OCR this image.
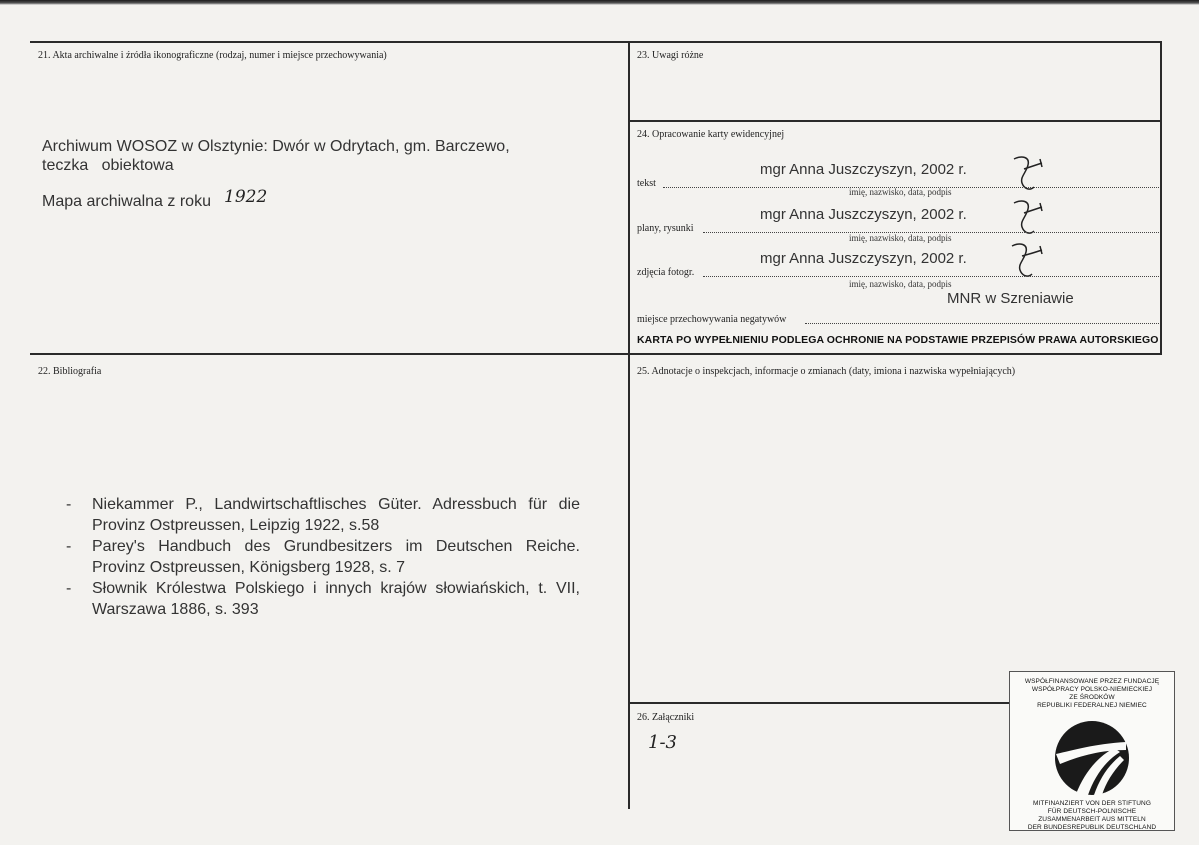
21. Akta archiwalne i źródła ikonograficzne (rodzaj, numer i miejsce przechowywania)
Archiwum WOSOZ w Olsztynie: Dwór w Odrytach, gm. Barczewo,
teczka   obiektowa
Mapa archiwalna z roku 1922
22. Bibliografia
- Niekammer P., Landwirtschaftlisches Güter. Adressbuch für die Provinz Ostpreussen, Leipzig 1922, s.58
- Parey's Handbuch des Grundbesitzers im Deutschen Reiche. Provinz Ostpreussen, Königsberg 1928, s. 7
- Słownik Królestwa Polskiego i innych krajów słowiańskich, t. VII, Warszawa 1886, s. 393
23. Uwagi różne
24. Opracowanie karty ewidencyjnej
mgr Anna Juszczyszyn, 2002 r.
tekst
imię, nazwisko, data, podpis
mgr Anna Juszczyszyn, 2002 r.
plany, rysunki
imię, nazwisko, data, podpis
mgr Anna Juszczyszyn, 2002 r.
zdjęcia fotogr.
imię, nazwisko, data, podpis
MNR w Szreniawie
miejsce przechowywania negatywów
KARTA PO WYPEŁNIENIU PODLEGA OCHRONIE NA PODSTAWIE PRZEPISÓW PRAWA AUTORSKIEGO
25. Adnotacje o inspekcjach, informacje o zmianach (daty, imiona i nazwiska wypełniających)
26. Załączniki
1-3
WSPÓŁFINANSOWANE PRZEZ FUNDACJĘ
WSPÓŁPRACY POLSKO-NIEMIECKIEJ
ZE ŚRODKÓW
REPUBLIKI FEDERALNEJ NIEMIEC
MITFINANZIERT VON DER STIFTUNG
FÜR DEUTSCH-POLNISCHE
ZUSAMMENARBEIT AUS MITTELN
DER BUNDESREPUBLIK DEUTSCHLAND
